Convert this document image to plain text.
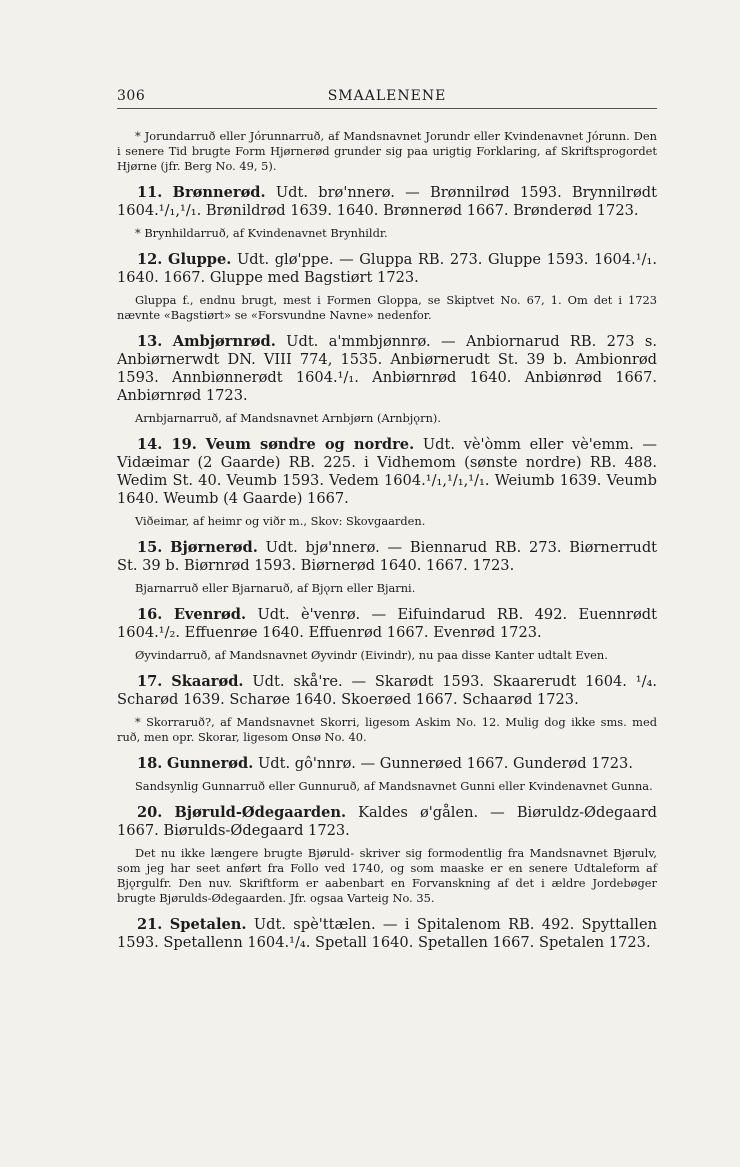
306	SMAALENENE

* Jorundarruð eller Jórunnarruð, af Mandsnavnet Jorundr eller Kvindenavnet Jórunn. Den i senere Tid brugte Form Hjørnerød grunder sig paa urigtig Forklaring, af Skriftsprogordet Hjørne (jfr. Berg No. 49, 5).

11. Brønnerød. Udt. brø'nnerø. — Brønnilrød 1593. Brynnilrødt 1604.¹/₁,¹/₁. Brønildrød 1639. 1640. Brønnerød 1667. Brønderød 1723.

* Brynhildarruð, af Kvindenavnet Brynhildr.

12. Gluppe. Udt. glø'ppe. — Gluppa RB. 273. Gluppe 1593. 1604.¹/₁. 1640. 1667. Gluppe med Bagstiørt 1723.

Gluppa f., endnu brugt, mest i Formen Gloppa, se Skiptvet No. 67, 1. Om det i 1723 nævnte «Bagstiørt» se «Forsvundne Navne» nedenfor.

13. Ambjørnrød. Udt. a'mmbjønnrø. — Anbiornarud RB. 273 s. Anbiørnerwdt DN. VIII 774, 1535. Anbiørnerudt St. 39 b. Ambionrød 1593. Annbiønnerødt 1604.¹/₁. Anbiørnrød 1640. Anbiønrød 1667. Anbiørnrød 1723.

Arnbjarnarruð, af Mandsnavnet Arnbjørn (Arnbjǫrn).

14. 19. Veum søndre og nordre. Udt. vè'òmm eller vè'emm. — Vidæimar (2 Gaarde) RB. 225. i Vidhemom (sønste nordre) RB. 488. Wedim St. 40. Veumb 1593. Vedem 1604.¹/₁,¹/₁,¹/₁. Weiumb 1639. Veumb 1640. Weumb (4 Gaarde) 1667.

Viðeimar, af heimr og viðr m., Skov: Skovgaarden.

15. Bjørnerød. Udt. bjø'nnerø. — Biennarud RB. 273. Biørnerrudt St. 39 b. Biørnrød 1593. Biørnerød 1640. 1667. 1723.

Bjarnarruð eller Bjarnaruð, af Bjǫrn eller Bjarni.

16. Evenrød. Udt. è'venrø. — Eifuindarud RB. 492. Euennrødt 1604.¹/₂. Effuenrøe 1640. Effuenrød 1667. Evenrød 1723.

Øyvindarruð, af Mandsnavnet Øyvindr (Eivindr), nu paa disse Kanter udtalt Even.

17. Skaarød. Udt. skå're. — Skarødt 1593. Skaarerudt 1604. ¹/₄. Scharød 1639. Scharøe 1640. Skoerøed 1667. Schaarød 1723.

* Skorraruð?, af Mandsnavnet Skorri, ligesom Askim No. 12. Mulig dog ikke sms. med ruð, men opr. Skorar, ligesom Onsø No. 40.

18. Gunnerød. Udt. gô'nnrø. — Gunnerøed 1667. Gunderød 1723.

Sandsynlig Gunnarruð eller Gunnuruð, af Mandsnavnet Gunni eller Kvindenavnet Gunna.

20. Bjøruld-Ødegaarden. Kaldes ø'gålen. — Biøruldz-Ødegaard 1667. Biørulds-Ødegaard 1723.

Det nu ikke længere brugte Bjøruld- skriver sig formodentlig fra Mandsnavnet Bjørulv, som jeg har seet anført fra Follo ved 1740, og som maaske er en senere Udtaleform af Bjǫrgulfr. Den nuv. Skriftform er aabenbart en Forvanskning af det i ældre Jordebøger brugte Bjørulds-Ødegaarden. Jfr. ogsaa Varteig No. 35.

21. Spetalen. Udt. spè'ttælen. — i Spitalenom RB. 492. Spyttallen 1593. Spetallenn 1604.¹/₄. Spetall 1640. Spetallen 1667. Spetalen 1723.
